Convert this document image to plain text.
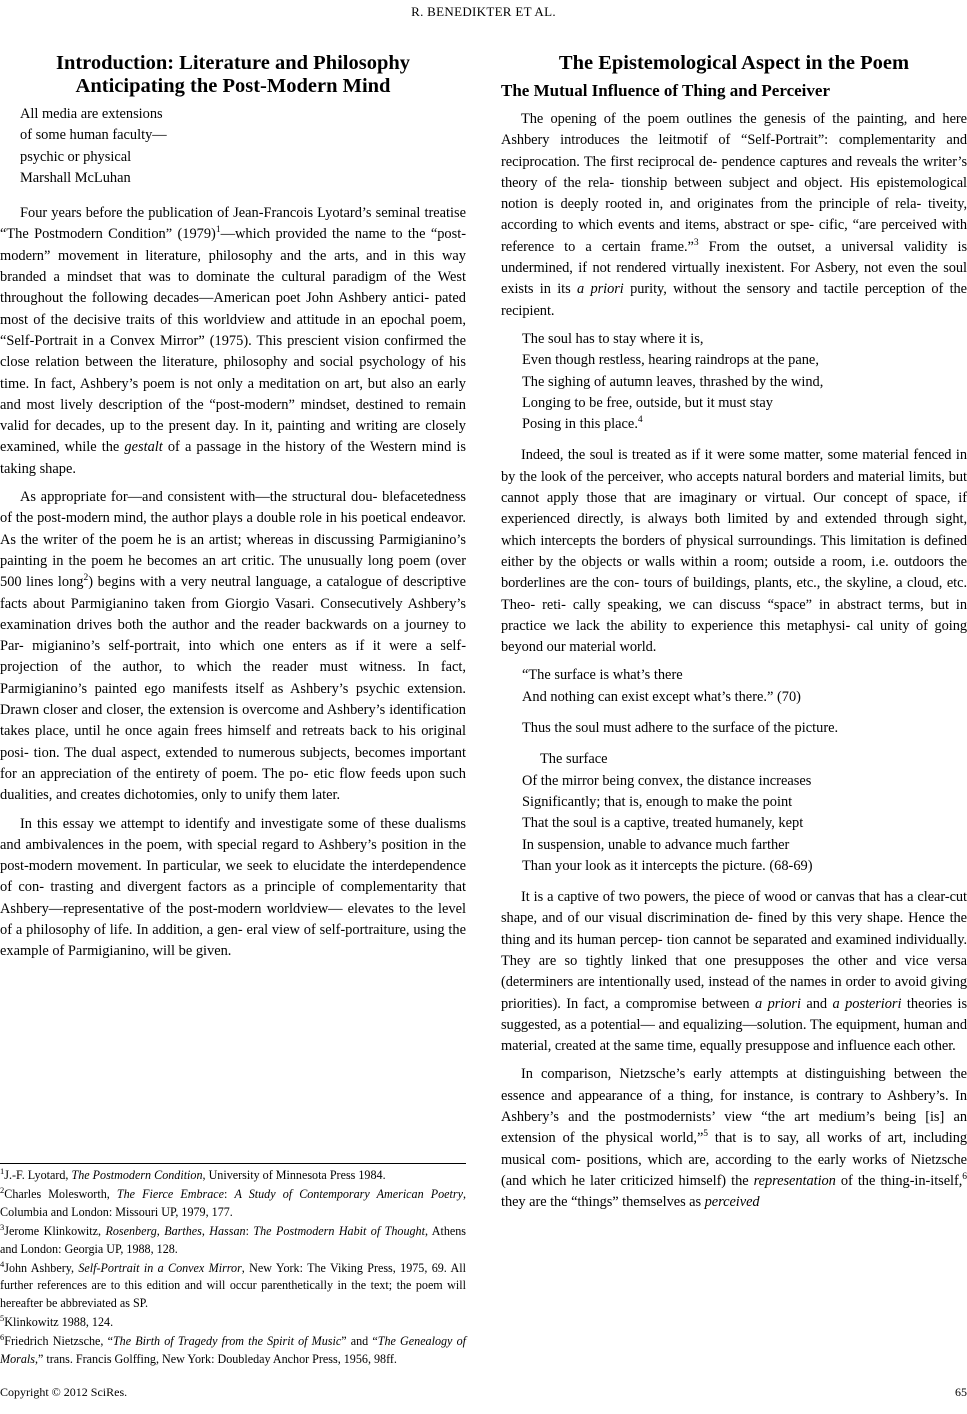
R. BENEDIKTER ET AL.
Introduction: Literature and Philosophy
Anticipating the Post-Modern Mind
All media are extensions
of some human faculty—
psychic or physical
Marshall McLuhan

Four years before the publication of Jean-Francois Lyotard’s seminal treatise “The Postmodern Condition” $(1979)^1—which$ provided the name to the “post-modern” movement in literature, philosophy and the arts, and in this way branded a mindset that was to dominate the cultural paradigm of the West throughout the following decades—American poet John Ashbery antici- pated most of the decisive traits of this worldview and attitude in an epochal poem, “Self-Portrait in a Convex Mirror” (1975). This prescient vision confirmed the close relation between the literature, philosophy and social psychology of his time. In fact, Ashbery’s poem is not only a meditation on art, but also an early and most lively description of the “post-modern” mindset, destined to remain valid for decades, up to the present day. In it, painting and writing are closely examined, while the gestalt of a passage in the history of the Western mind is taking shape.

As appropriate for—and consistent with—the structural dou- blefacetedness of the post-modern mind, the author plays a double role in his poetical endeavor. As the writer of the poem he is an artist; whereas in discussing Parmigianino’s painting in the poem he becomes an art critic. The unusually long poem (over 500 lines long$^2$) begins with a very neutral language, a catalogue of descriptive facts about Parmigianino taken from Giorgio Vasari. Consecutively Ashbery’s examination drives both the author and the reader backwards on a journey to Par- migianino’s self-portrait, into which one enters as if it were a self-projection of the author, to which the reader must witness. In fact, Parmigianino’s painted ego manifests itself as Ashbery’s psychic extension. Drawn closer and closer, the extension is overcome and Ashbery’s identification takes place, until he once again frees himself and retreats back to his original posi- tion. The dual aspect, extended to numerous subjects, becomes important for an appreciation of the entirety of poem. The po- etic flow feeds upon such dualities, and creates dichotomies, only to unify them later.

In this essay we attempt to identify and investigate some of these dualisms and ambivalences in the poem, with special regard to Ashbery’s position in the post-modern movement. In particular, we seek to elucidate the interdependence of con- trasting and divergent factors as a principle of complementarity that Ashbery—representative of the post-modern worldview— elevates to the level of a philosophy of life. In addition, a gen- eral view of self-portraiture, using the example of Parmigianino, will be given.

$^1$J.-F. Lyotard, The Postmodern Condition, University of Minnesota Press 1984.
$^2$Charles Molesworth, The Fierce Embrace: A Study of Contemporary American Poetry, Columbia and London: Missouri UP, 1979, 177.
$^3$Jerome Klinkowitz, Rosenberg, Barthes, Hassan: The Postmodern Habit of Thought, Athens and London: Georgia UP, 1988, 128.
$^4$John Ashbery, Self-Portrait in a Convex Mirror, New York: The Viking Press, 1975, 69. All further references are to this edition and will occur parenthetically in the text; the poem will hereafter be abbreviated as SP.
$^5$Klinkowitz 1988, 124.
$^6$Friedrich Nietzsche, “The Birth of Tragedy from the Spirit of Music” and “The Genealogy of Morals,” trans. Francis Golffing, New York: Doubleday Anchor Press, 1956, 98ff.
The Epistemological Aspect in the Poem
The Mutual Influence of Thing and Perceiver

The opening of the poem outlines the genesis of the painting, and here Ashbery introduces the leitmotif of “Self-Portrait”: complementarity and reciprocation. The first reciprocal de- pendence captures and reveals the writer’s theory of the rela- tionship between subject and object. His epistemological notion is deeply rooted in, and originates from the principle of rela- tiveity, according to which events and items, abstract or spe- cific, “are perceived with reference to a certain frame.”$^3$ From the outset, a universal validity is undermined, if not rendered virtually inexistent. For Asbery, not even the soul exists in its a priori purity, without the sensory and tactile perception of the recipient.

The soul has to stay where it is,
Even though restless, hearing raindrops at the pane,
The sighing of autumn leaves, thrashed by the wind,
Longing to be free, outside, but it must stay
Posing in this place.$^4$

Indeed, the soul is treated as if it were some matter, some material fenced in by the look of the perceiver, who accepts natural borders and material limits, but cannot apply those that are imaginary or virtual. Our concept of space, if experienced directly, is always both limited by and extended through sight, which intercepts the borders of physical surroundings. This limitation is defined either by the objects or walls within a room; outside a room, i.e. outdoors the borderlines are the con- tours of buildings, plants, etc., the skyline, a cloud, etc. Theo- reti- cally speaking, we can discuss “space” in abstract terms, but in practice we lack the ability to experience this metaphysi- cal unity of going beyond our material world.

“The surface is what’s there
And nothing can exist except what’s there.” (70)
Thus the soul must adhere to the surface of the picture.
The surface
Of the mirror being convex, the distance increases
Significantly; that is, enough to make the point
That the soul is a captive, treated humanely, kept
In suspension, unable to advance much farther
Than your look as it intercepts the picture. (68-69)

It is a captive of two powers, the piece of wood or canvas that has a clear-cut shape, and of our visual discrimination de- fined by this very shape. Hence the thing and its human percep- tion cannot be separated and examined individually. They are so tightly linked that one presupposes the other and vice versa (determiners are intentionally used, instead of the names in order to avoid giving priorities). In fact, a compromise between a priori and a posteriori theories is suggested, as a potential— and equalizing—solution. The equipment, human and material, created at the same time, equally presuppose and influence each other.

In comparison, Nietzsche’s early attempts at distinguishing between the essence and appearance of a thing, for instance, is contrary to Ashbery’s. In Ashbery’s and the postmodernists’ view “the art medium’s being [is] an extension of the physical world,”$^5$ that is to say, all works of art, including musical com- positions, which are, according to the early works of Nietzsche (and which he later criticized himself) the representation of the thing-in-itself,$^6$ they are the “things” themselves as perceived

Copyright © 2012 SciRes.	65
